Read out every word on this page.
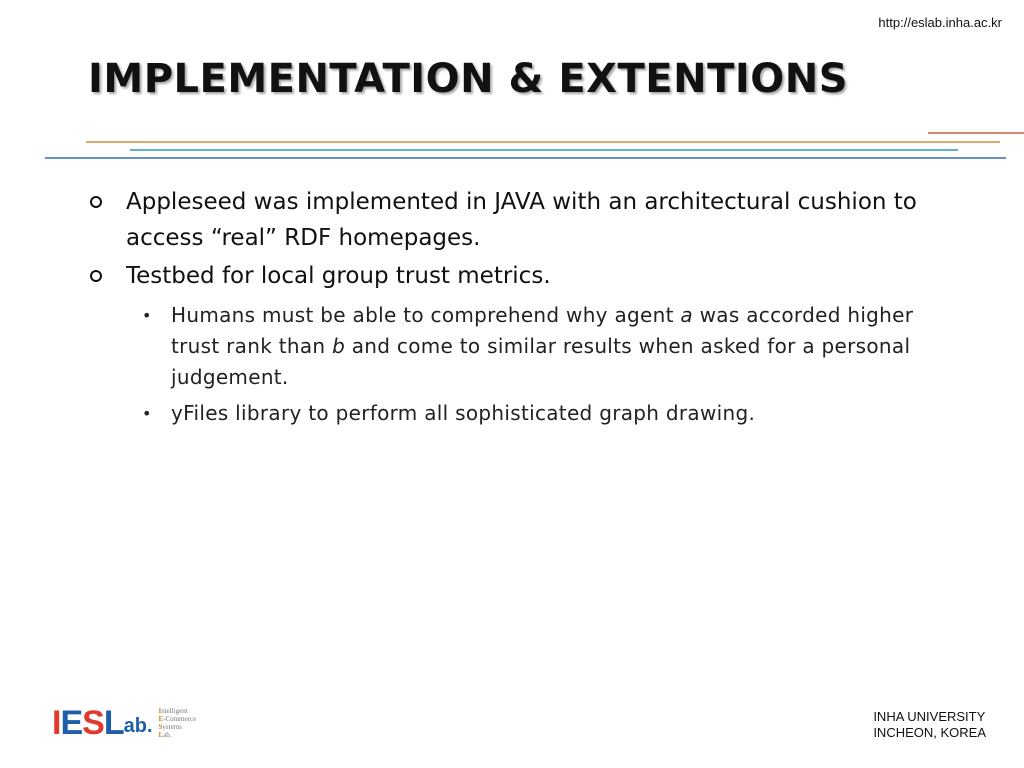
http://eslab.inha.ac.kr
IMPLEMENTATION & EXTENTIONS
Appleseed was implemented in JAVA with an architectural cushion to access “real” RDF homepages.
Testbed for local group trust metrics.
• Humans must be able to comprehend why agent a was accorded higher trust rank than b and come to similar results when asked for a personal judgement.
• yFiles library to perform all sophisticated graph drawing.
I E S L ab.
Intelligent
E-Commerce
Systems
Lab.
INHA UNIVERSITY
INCHEON, KOREA
